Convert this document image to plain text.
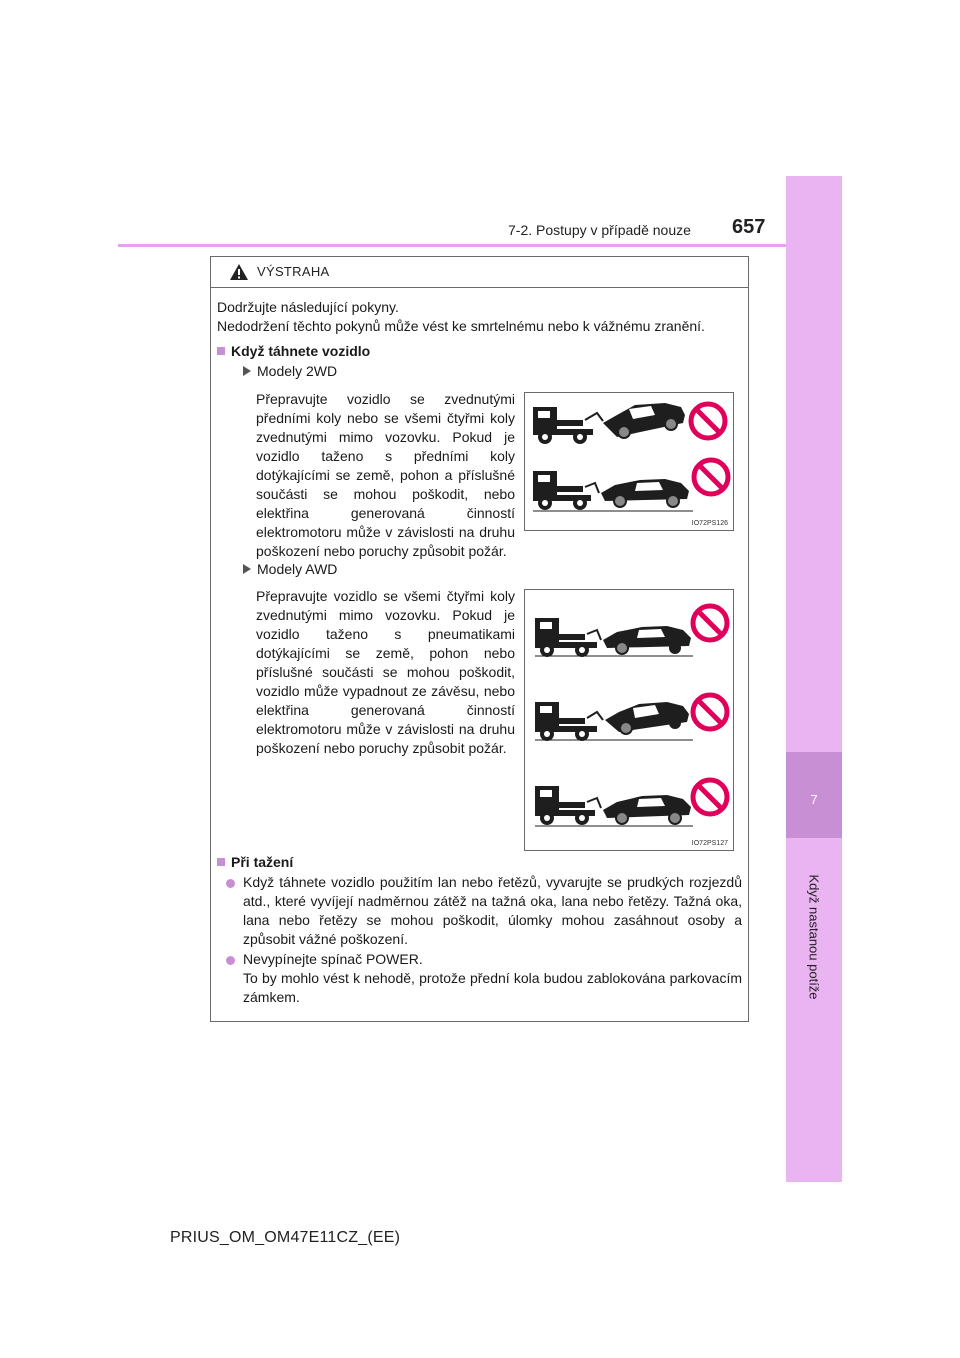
7
Když nastanou potíže
7-2. Postupy v případě nouze 657
VÝSTRAHA
Dodržujte následující pokyny.
Nedodržení těchto pokynů může vést ke smrtelnému nebo k vážnému zranění.
Když táhnete vozidlo
Modely 2WD
Přepravujte vozidlo se zvednutými předními koly nebo se všemi čtyřmi koly zvednutými mimo vozovku. Pokud je vozidlo taženo s předními koly dotýkajícími se země, pohon a příslušné součásti se mohou poškodit, nebo elektřina generovaná činností elektromotoru může v závislosti na druhu poškození nebo poruchy způsobit požár.
IO72PS126
Modely AWD
Přepravujte vozidlo se všemi čtyřmi koly zvednutými mimo vozovku. Pokud je vozidlo taženo s pneumatikami dotýkajícími se země, pohon nebo příslušné součásti se mohou poškodit, vozidlo může vypadnout ze závěsu, nebo elektřina generovaná činností elektromotoru může v závislosti na druhu poškození nebo poruchy způsobit požár.
IO72PS127
Při tažení
Když táhnete vozidlo použitím lan nebo řetězů, vyvarujte se prudkých rozjezdů atd., které vyvíjejí nadměrnou zátěž na tažná oka, lana nebo řetězy. Tažná oka, lana nebo řetězy se mohou poškodit, úlomky mohou zasáhnout osoby a způsobit vážné poškození.
Nevypínejte spínač POWER.
To by mohlo vést k nehodě, protože přední kola budou zablokována parkovacím zámkem.
PRIUS_OM_OM47E11CZ_(EE)
